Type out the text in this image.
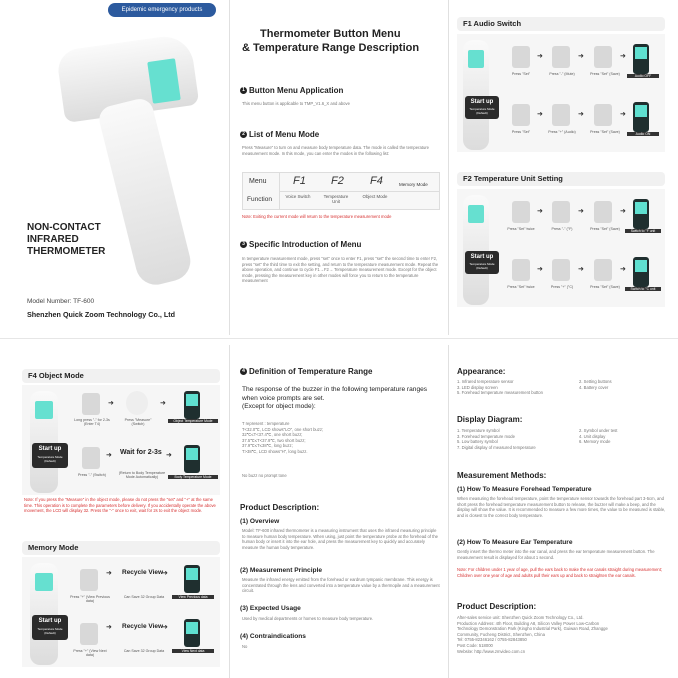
Epidemic emergency products
NON-CONTACT
INFRARED
THERMOMETER
Model Number: TF-600
Shenzhen Quick Zoom Technology Co., Ltd
Thermometer Button Menu
& Temperature Range Description
1 Button Menu Application
This menu button is applicable to TMP_V1.6_X and above
2 List of Menu Mode
Press "Measure" to turn on and measure body temperature data. The mode is called the temperature measurement mode. In this mode, you can enter the modes in the following list:
Menu
Function
F1 F2 F4	Memory Mode
Voice Switch	Temperature Unit
Object Mode
Note: Exiting the current mode will return to the temperature measurement mode
3 Specific Introduction of Menu
In temperature measurement mode, press "set" once to enter F1, press "set" the second time to enter F2, press "set" the third time to exit the setting, and return to the temperature measurement mode. Repeat the above operation, and continue to cycle F1→F2→ Temperature measurement mode. Except for the object mode, pressing the measurement key in other modes will force you to return to the temperature measurement
F1 Audio Switch
Start up
Temperature Mode (Default)
Press "Set"
➜
Press "-" (Mute)
➜
Press "Set" (Save)
➜
Audio OFF
Press "Set"
➜
Press "+" (Audio)
➜
Press "Set" (Save)
➜
Audio ON
F2 Temperature Unit Setting
Start up
Temperature Mode (Default)
Press "Set" twice
➜
Press "-" (°F)
➜
Press "Set" (Save)
➜
Switch to °F unit
Press "Set" twice
➜
Press "+" (°C)
➜
Press "Set" (Save)
➜
Switch to °C unit
F4 Object Mode
Start up
Temperature Mode (Default)
Long press "-" for 2-3s (Enter T4)
➜
Press "Measure" (Switch)
➜
Object Temperature Mode
Press "-" (Switch)
➜ Wait for 2-3s
(Return to Body Temperature Mode Automatically)
➜
Body Temperature Mode
Note: If you press the "Measure" in the object mode, please do not press the "set" and "+" at the same time. This operation is to complete the parameters before delivery. If you accidentally operate the above movement, the LCD will display 32. Press the "-" once to exit, wait for 2s to exit the object mode.
Memory Mode
Start up
Temperature Mode (Default)
Press "+" (View Previous data)
➜ Recycle View
Can Save 32 Group Data
➜
View Previous data
Press "+" (View Next data)
➜ Recycle View
Can Save 32 Group Data
➜
View Next data
4 Definition of Temperature Range
The response of the buzzer in the following temperature ranges when voice prompts are set.
(Except for object mode):
T represent : temperature
T<32.0℃, LCD shows"LO", one short buzz;
32℃≤T<37.4℃, one short buzz;
37.5℃≤T<37.9℃, two short buzz;
37.9℃≤T≤38℃, long buzz;
T>38℃, LCD shows"H", long buzz.
No buzz no prompt tone
Product Description:
(1) Overview
Model: TF-600 infrared thermometer is a measuring instrument that uses the infrared measuring principle to measure human body temperature. When using, just point the temperature probe at the forehead of the human body or insert it into the ear hole, and press the measurement key to quickly and accurately measure the human body temperature.
(2) Measurement Principle
Measure the infrared energy emitted from the forehead or eardrum tympanic membrane. This energy is concentrated through the lens and converted into a temperature value by a thermopile and a measurement circuit.
(3) Expected Usage
Used by medical departments or homes to measure body temperature.
(4) Contraindications
No
Appearance:
1. Infrared temperature sensor
3. LED display screen
5. Forehead temperature measurement button
2. Setting buttons
4. Battery cover
Display Diagram:
1. Temperature symbol
3. Forehead temperature mode
5. Low battery symbol
7. Digital display of measured temperature
2. Symbol under test
4. Unit display
6. Memory mode
Measurement Methods:
(1) How To Measure Forehead Temperature
When measuring the forehead temperature, point the temperature sensor towards the forehead part 3-5cm, and short press the forehead temperature measurement button to release, the buzzer will make a beep, and the display will show the value. It is recommended to measure a few more times, the value to be measured is stable, and is closest to the correct body temperature.
(2) How To Measure Ear Temperature
Gently insert the thermo meter into the ear canal, and press the ear temperature measurement button. The measurement result is displayed for about 1 second.
Note: For children under 1 year of age, pull the ears back to make the ear canals straight during measurement; Children over one year of age and adults pull their ears up and back to straighten the ear canals.
Product Description:
After-sales service unit: Shenzhen Quick Zoom Technology Co., Ltd.
Production Address: 4th Floor, Building A8, Silicon Valley Power Low-Carbon
Technology Demonstration Park (Kingho Industrial Park), Guiwan Road, Zhangge
Community, Fucheng District, Shenzhen, China
Tel: 0755-82346162 / 0755-82843850
Post Code: 518000
Website: http://www.zmvideo.com.cn
